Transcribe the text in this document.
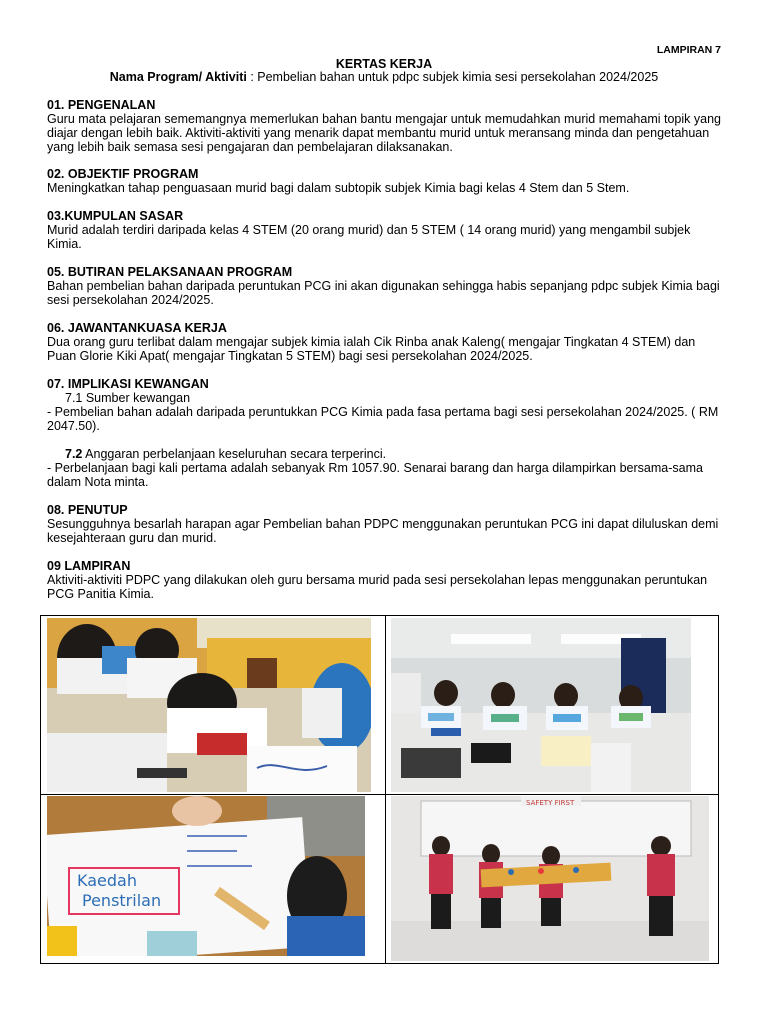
LAMPIRAN 7
KERTAS KERJA
Nama Program/ Aktiviti : Pembelian bahan untuk pdpc subjek kimia sesi persekolahan 2024/2025
01. PENGENALAN

Guru mata pelajaran sememangnya memerlukan bahan bantu mengajar untuk memudahkan murid memahami topik yang diajar dengan lebih baik. Aktiviti-aktiviti yang menarik dapat membantu murid untuk meransang minda dan pengetahuan yang lebih baik semasa sesi pengajaran dan pembelajaran dilaksanakan.

02. OBJEKTIF PROGRAM

Meningkatkan tahap penguasaan murid bagi dalam subtopik subjek Kimia bagi kelas 4 Stem dan 5 Stem.

03.KUMPULAN SASAR

Murid adalah terdiri daripada kelas 4 STEM (20 orang murid) dan 5 STEM ( 14 orang murid) yang mengambil subjek Kimia.

05. BUTIRAN PELAKSANAAN PROGRAM

Bahan pembelian bahan daripada peruntukan PCG ini akan digunakan sehingga habis sepanjang pdpc subjek Kimia bagi sesi persekolahan 2024/2025.

06. JAWANTANKUASA KERJA

Dua orang guru terlibat dalam mengajar subjek kimia ialah Cik Rinba anak Kaleng( mengajar Tingkatan 4 STEM) dan Puan Glorie Kiki Apat( mengajar Tingkatan 5 STEM) bagi sesi persekolahan 2024/2025.

07. IMPLIKASI KEWANGAN

7.1 Sumber kewangan

- Pembelian bahan adalah daripada peruntukkan PCG Kimia pada fasa pertama bagi sesi persekolahan 2024/2025. ( RM 2047.50).

7.2 Anggaran perbelanjaan keseluruhan secara terperinci.

- Perbelanjaan bagi kali pertama adalah sebanyak Rm 1057.90. Senarai barang dan harga dilampirkan bersama-sama dalam Nota minta.

08. PENUTUP

Sesungguhnya besarlah harapan agar Pembelian bahan PDPC menggunakan peruntukan PCG ini dapat diluluskan demi kesejahteraan guru dan murid.

09 LAMPIRAN

Aktiviti-aktiviti PDPC yang dilakukan oleh guru bersama murid pada sesi persekolahan lepas menggunakan peruntukan PCG Panitia Kimia.

Kaedah
Penstrilan
SAFETY FIRST
